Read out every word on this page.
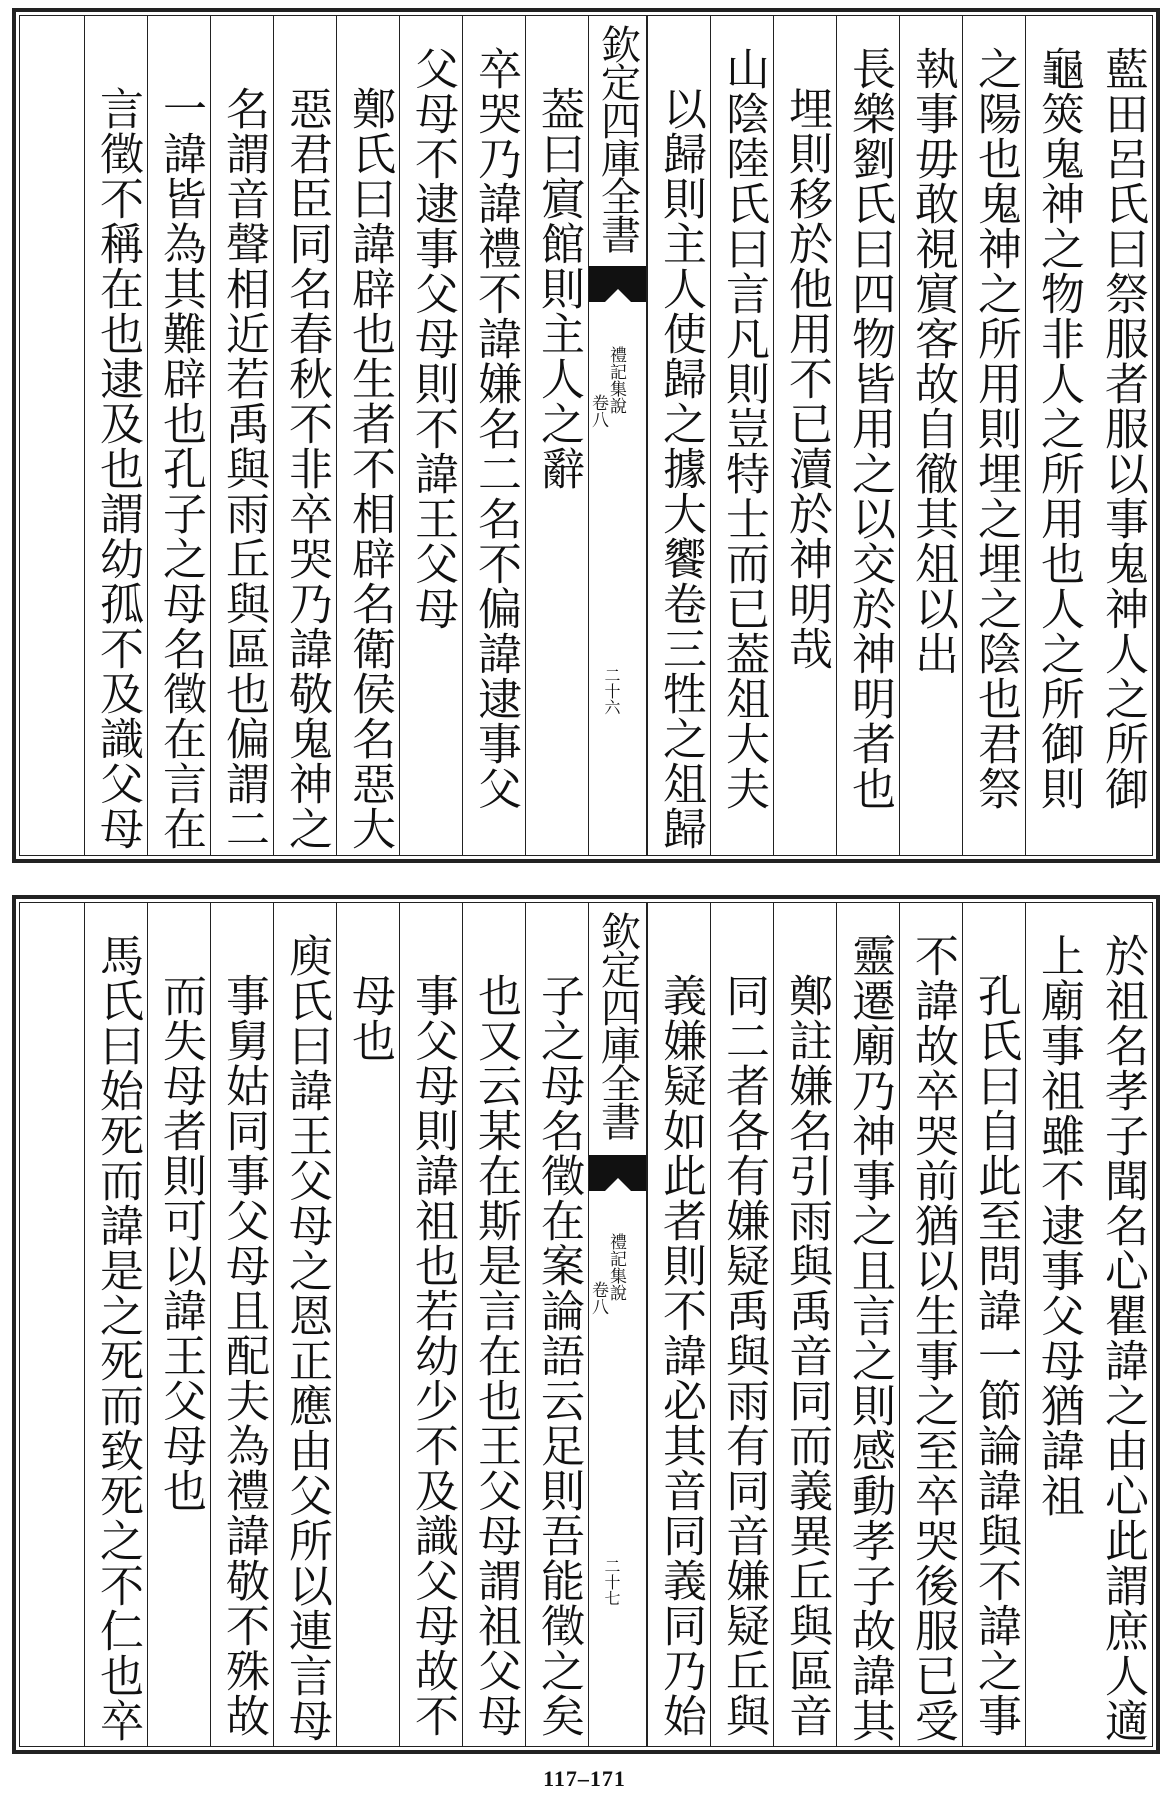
藍田呂氏曰祭服者服以事鬼神人之所御
龜筴鬼神之物非人之所用也人之所御則
之陽也鬼神之所用則埋之埋之陰也君祭
執事毋敢視賔客故自徹其俎以出
長樂劉氏曰四物皆用之以交於神明者也
埋則移於他用不已瀆於神明哉
山陰陸氏曰言凡則豈特士而已葢俎大夫
以歸則主人使歸之據大饗卷三牲之俎歸
欽定四庫全書
禮記集說
卷八
二十六
葢曰賔館則主人之辭
卒哭乃諱禮不諱嫌名二名不偏諱逮事父
父母不逮事父母則不諱王父母
鄭氏曰諱辟也生者不相辟名衛侯名惡大
惡君臣同名春秋不非卒哭乃諱敬鬼神之
名謂音聲相近若禹與雨丘與區也偏謂二
一諱皆為其難辟也孔子之母名徵在言在
言徵不稱在也逮及也謂幼孤不及識父母
於祖名孝子聞名心瞿諱之由心此謂庶人適
上廟事祖雖不逮事父母猶諱祖
孔氏曰自此至問諱一節論諱與不諱之事
不諱故卒哭前猶以生事之至卒哭後服已受
靈遷廟乃神事之且言之則感動孝子故諱其
鄭註嫌名引雨與禹音同而義異丘與區音
同二者各有嫌疑禹與雨有同音嫌疑丘與
義嫌疑如此者則不諱必其音同義同乃始
欽定四庫全書
禮記集說
卷八
二十七
子之母名徵在案論語云足則吾能徵之矣
也又云某在斯是言在也王父母謂祖父母
事父母則諱祖也若幼少不及識父母故不
母也
庾氏曰諱王父母之恩正應由父所以連言母
事舅姑同事父母且配夫為禮諱敬不殊故
而失母者則可以諱王父母也
馬氏曰始死而諱是之死而致死之不仁也卒
117–171
